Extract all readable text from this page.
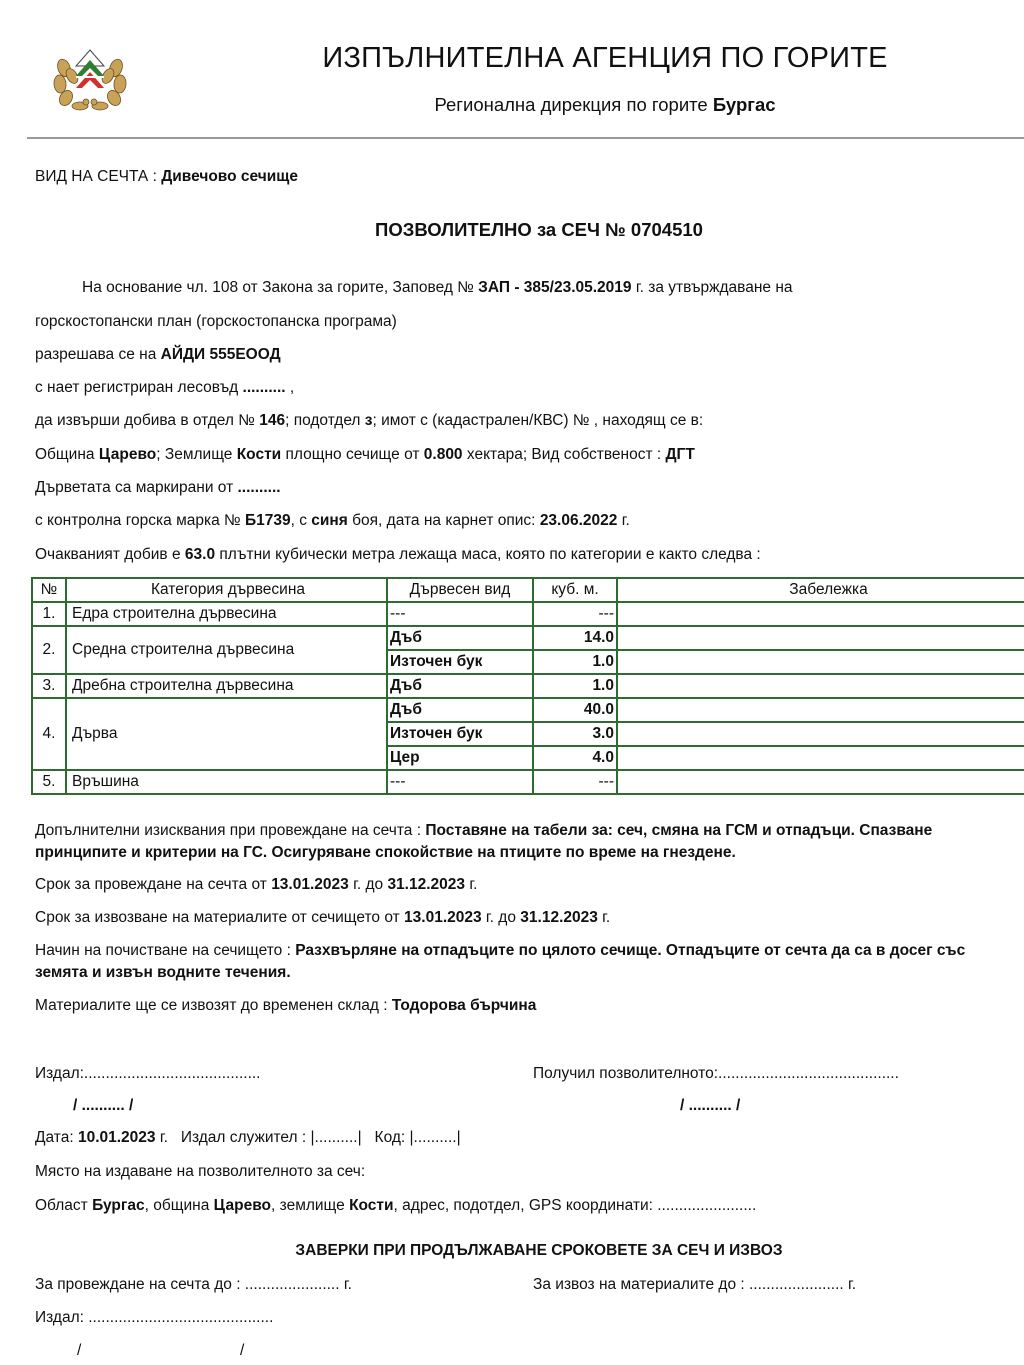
ИЗПЪЛНИТЕЛНА АГЕНЦИЯ ПО ГОРИТЕ
Регионална дирекция по горите Бургас
ВИД НА СЕЧТА : Дивечово сечище
ПОЗВОЛИТЕЛНО за СЕЧ № 0704510
На основание чл. 108 от Закона за горите, Заповед № ЗАП - 385/23.05.2019 г. за утвърждаване на
горскостопански план (горскостопанска програма)
разрешава се на АЙДИ 555ЕООД
с нает регистриран лесовъд .......... ,
да извърши добива в отдел № 146; подотдел з; имот с (кадастрален/КВС) № , находящ се в:
Община Царево; Землище Кости площно сечище от 0.800 хектара; Вид собственост : ДГТ
Дърветата са маркирани от ..........
с контролна горска марка № Б1739, с синя боя, дата на карнет опис: 23.06.2022 г.
Очакваният добив е 63.0 плътни кубически метра лежаща маса, която по категории е както следва :
№	Категория дървесина	Дървесен вид	куб. м.	Забележка
1.	Едра строителна дървесина	---	---	
2.	Средна строителна дървесина	Дъб	14.0	
		Източен бук	1.0	
3.	Дребна строителна дървесина	Дъб	1.0	
4.	Дърва	Дъб	40.0	
		Източен бук	3.0	
		Цер	4.0	
5.	Връшина	---	---	
Допълнителни изисквания при провеждане на сечта : Поставяне на табели за: сеч, смяна на ГСМ и отпадъци. Спазване
принципите и критерии на ГС. Осигуряване спокойствие на птиците по време на гнездене.
Срок за провеждане на сечта от 13.01.2023 г. до 31.12.2023 г.
Срок за извозване на материалите от сечището от 13.01.2023 г. до 31.12.2023 г.
Начин на почистване на сечището : Разхвърляне на отпадъците по цялото сечище. Отпадъците от сечта да са в досег със
земята и извън водните течения.
Материалите ще се извозят до временен склад : Тодорова бърчина
Издал:.........................................
/ .......... /
Получил позволителното:..........................................
/ .......... /
Дата: 10.01.2023 г. Издал служител : |..........| Код: |..........|
Място на издаване на позволителното за сеч:
Област Бургас, община Царево, землище Кости, адрес, подотдел, GPS координати: .......................
ЗАВЕРКИ ПРИ ПРОДЪЛЖАВАНЕ СРОКОВЕТЕ ЗА СЕЧ И ИЗВОЗ
За провеждане на сечта до : ...................... г.	За извоз на материалите до : ...................... г.
Издал: ...........................................
/	/
